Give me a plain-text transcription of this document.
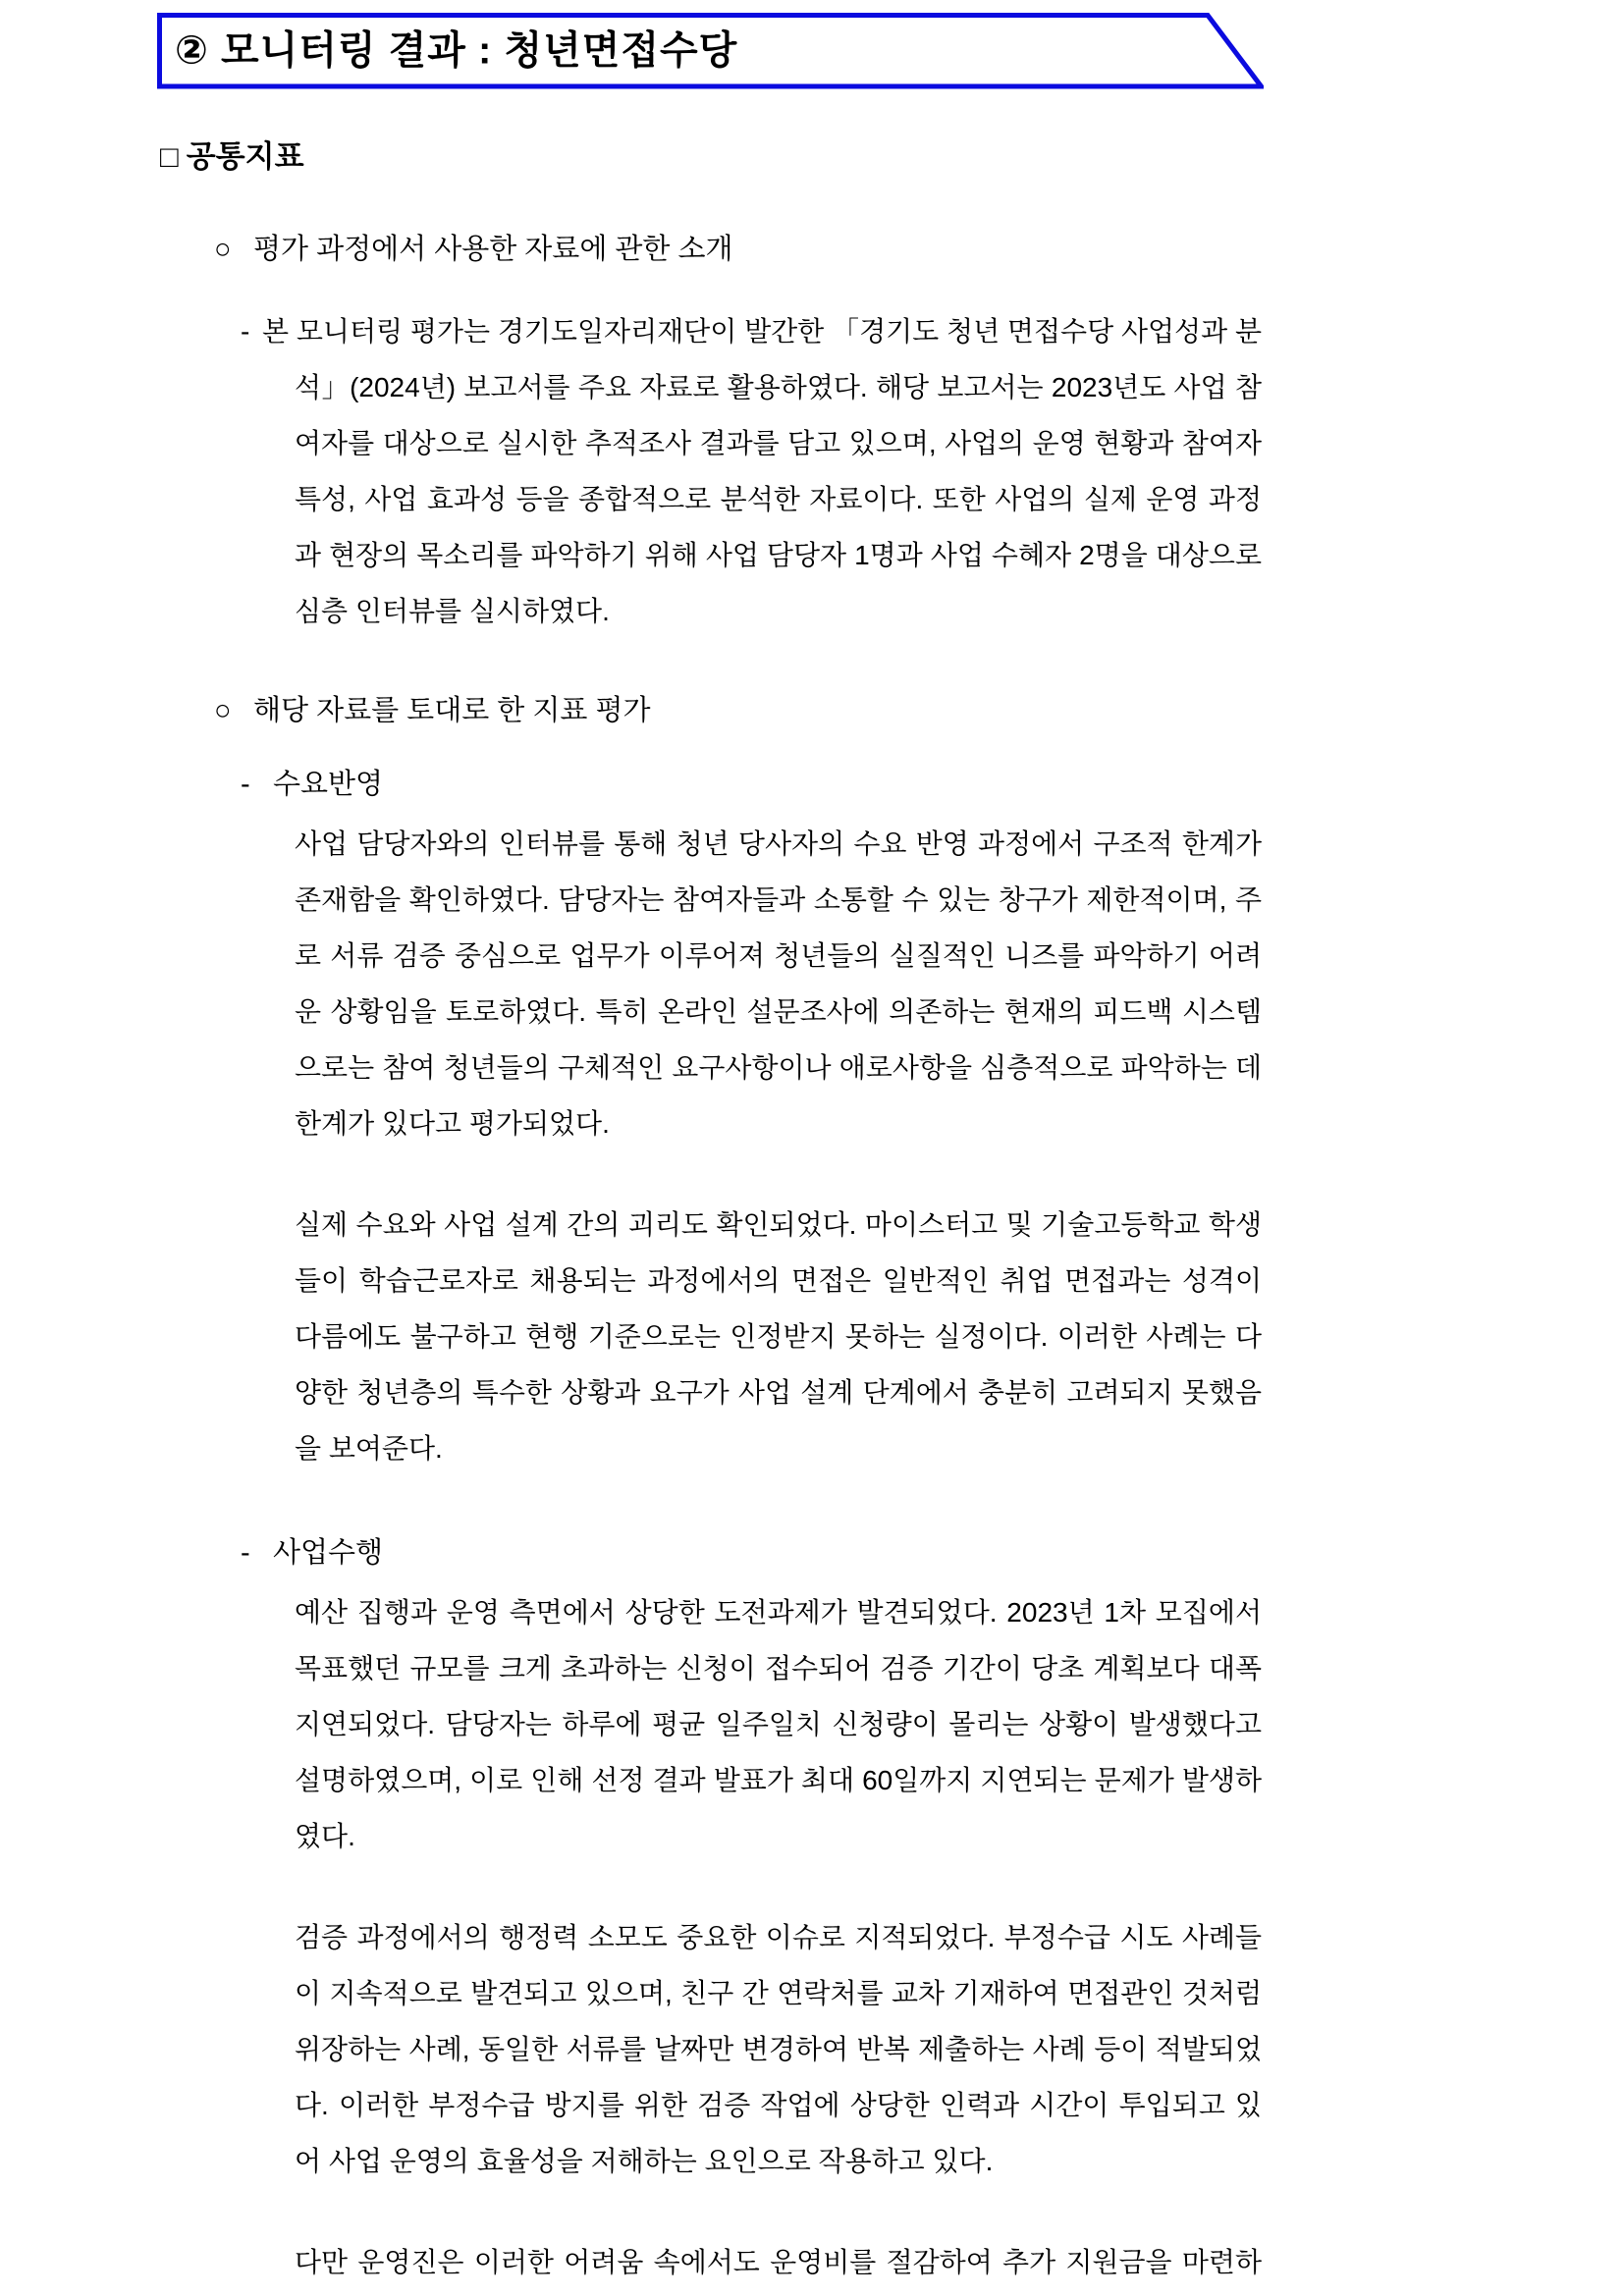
② 모니터링 결과 : 청년면접수당
□ 공통지표
○ 평가 과정에서 사용한 자료에 관한 소개

- 본 모니터링 평가는 경기도일자리재단이 발간한 「경기도 청년 면접수당 사업성과 분석」(2024년) 보고서를 주요 자료로 활용하였다. 해당 보고서는 2023년도 사업 참여자를 대상으로 실시한 추적조사 결과를 담고 있으며, 사업의 운영 현황과 참여자 특성, 사업 효과성 등을 종합적으로 분석한 자료이다. 또한 사업의 실제 운영 과정과 현장의 목소리를 파악하기 위해 사업 담당자 1명과 사업 수혜자 2명을 대상으로 심층 인터뷰를 실시하였다.

○ 해당 자료를 토대로 한 지표 평가
- 수요반영

사업 담당자와의 인터뷰를 통해 청년 당사자의 수요 반영 과정에서 구조적 한계가 존재함을 확인하였다. 담당자는 참여자들과 소통할 수 있는 창구가 제한적이며, 주로 서류 검증 중심으로 업무가 이루어져 청년들의 실질적인 니즈를 파악하기 어려운 상황임을 토로하였다. 특히 온라인 설문조사에 의존하는 현재의 피드백 시스템으로는 참여 청년들의 구체적인 요구사항이나 애로사항을 심층적으로 파악하는 데 한계가 있다고 평가되었다.

실제 수요와 사업 설계 간의 괴리도 확인되었다. 마이스터고 및 기술고등학교 학생들이 학습근로자로 채용되는 과정에서의 면접은 일반적인 취업 면접과는 성격이 다름에도 불구하고 현행 기준으로는 인정받지 못하는 실정이다. 이러한 사례는 다양한 청년층의 특수한 상황과 요구가 사업 설계 단계에서 충분히 고려되지 못했음을 보여준다.

- 사업수행

예산 집행과 운영 측면에서 상당한 도전과제가 발견되었다. 2023년 1차 모집에서 목표했던 규모를 크게 초과하는 신청이 접수되어 검증 기간이 당초 계획보다 대폭 지연되었다. 담당자는 하루에 평균 일주일치 신청량이 몰리는 상황이 발생했다고 설명하였으며, 이로 인해 선정 결과 발표가 최대 60일까지 지연되는 문제가 발생하였다.

검증 과정에서의 행정력 소모도 중요한 이슈로 지적되었다. 부정수급 시도 사례들이 지속적으로 발견되고 있으며, 친구 간 연락처를 교차 기재하여 면접관인 것처럼 위장하는 사례, 동일한 서류를 날짜만 변경하여 반복 제출하는 사례 등이 적발되었다. 이러한 부정수급 방지를 위한 검증 작업에 상당한 인력과 시간이 투입되고 있어 사업 운영의 효율성을 저해하는 요인으로 작용하고 있다.

다만 운영진은 이러한 어려움 속에서도 운영비를 절감하여 추가 지원금을 마련하
